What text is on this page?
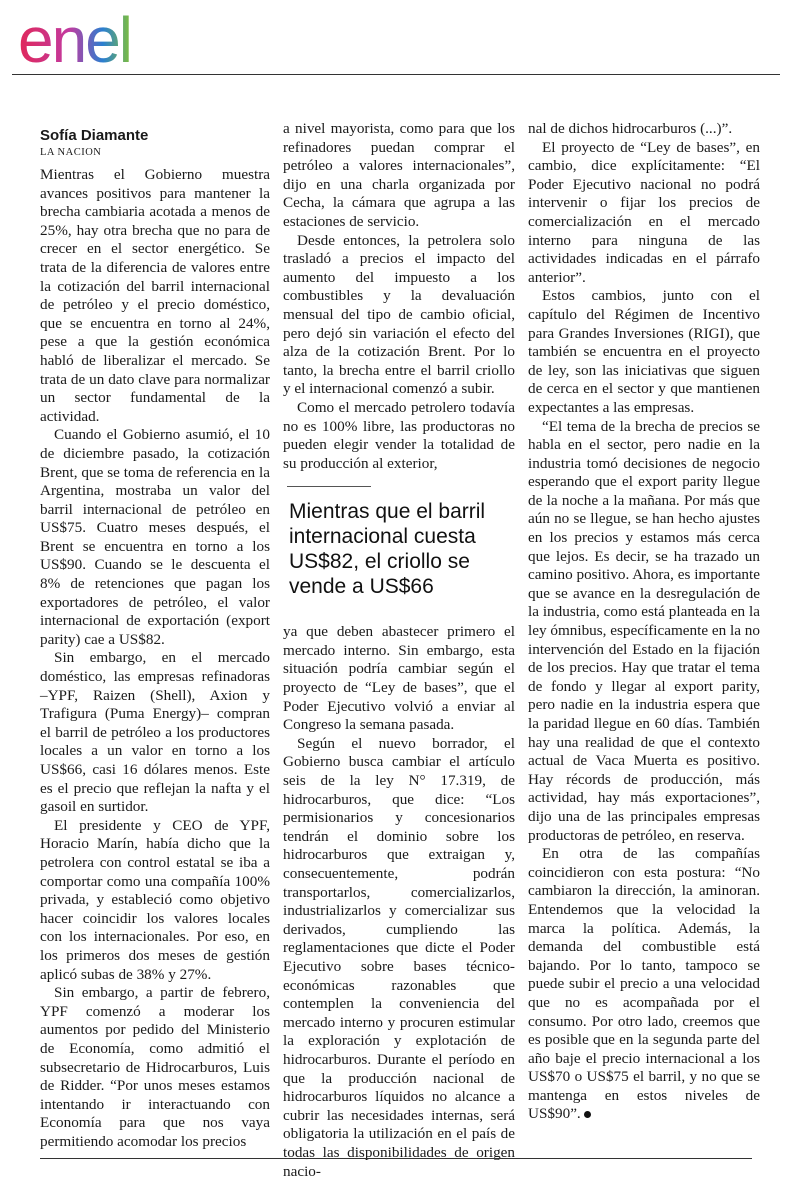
enel
Sofía Diamante
LA NACION

Mientras el Gobierno muestra avances positivos para mantener la brecha cambiaria acotada a menos de 25%, hay otra brecha que no para de crecer en el sector energético. Se trata de la diferencia de valores entre la cotización del barril internacional de petróleo y el precio doméstico, que se encuentra en torno al 24%, pese a que la gestión económica habló de liberalizar el mercado. Se trata de un dato clave para normalizar un sector fundamental de la actividad.

Cuando el Gobierno asumió, el 10 de diciembre pasado, la cotización Brent, que se toma de referencia en la Argentina, mostraba un valor del barril internacional de petróleo en US$75. Cuatro meses después, el Brent se encuentra en torno a los US$90. Cuando se le descuenta el 8% de retenciones que pagan los exportadores de petróleo, el valor internacional de exportación (export parity) cae a US$82.

Sin embargo, en el mercado doméstico, las empresas refinadoras –YPF, Raizen (Shell), Axion y Trafigura (Puma Energy)– compran el barril de petróleo a los productores locales a un valor en torno a los US$66, casi 16 dólares menos. Este es el precio que reflejan la nafta y el gasoil en surtidor.

El presidente y CEO de YPF, Horacio Marín, había dicho que la petrolera con control estatal se iba a comportar como una compañía 100% privada, y estableció como objetivo hacer coincidir los valores locales con los internacionales. Por eso, en los primeros dos meses de gestión aplicó subas de 38% y 27%.

Sin embargo, a partir de febrero, YPF comenzó a moderar los aumentos por pedido del Ministerio de Economía, como admitió el subsecretario de Hidrocarburos, Luis de Ridder. “Por unos meses estamos intentando ir interactuando con Economía para que nos vaya permitiendo acomodar los precios

a nivel mayorista, como para que los refinadores puedan comprar el petróleo a valores internacionales”, dijo en una charla organizada por Cecha, la cámara que agrupa a las estaciones de servicio.

Desde entonces, la petrolera solo trasladó a precios el impacto del aumento del impuesto a los combustibles y la devaluación mensual del tipo de cambio oficial, pero dejó sin variación el efecto del alza de la cotización Brent. Por lo tanto, la brecha entre el barril criollo y el internacional comenzó a subir.

Como el mercado petrolero todavía no es 100% libre, las productoras no pueden elegir vender la totalidad de su producción al exterior,

Mientras que el barril internacional cuesta US$82, el criollo se vende a US$66

ya que deben abastecer primero el mercado interno. Sin embargo, esta situación podría cambiar según el proyecto de “Ley de bases”, que el Poder Ejecutivo volvió a enviar al Congreso la semana pasada.

Según el nuevo borrador, el Gobierno busca cambiar el artículo seis de la ley N° 17.319, de hidrocarburos, que dice: “Los permisionarios y concesionarios tendrán el dominio sobre los hidrocarburos que extraigan y, consecuentemente, podrán transportarlos, comercializarlos, industrializarlos y comercializar sus derivados, cumpliendo las reglamentaciones que dicte el Poder Ejecutivo sobre bases técnico-económicas razonables que contemplen la conveniencia del mercado interno y procuren estimular la exploración y explotación de hidrocarburos. Durante el período en que la producción nacional de hidrocarburos líquidos no alcance a cubrir las necesidades internas, será obligatoria la utilización en el país de todas las disponibilidades de origen nacio-

nal de dichos hidrocarburos (...)”.

El proyecto de “Ley de bases”, en cambio, dice explícitamente: “El Poder Ejecutivo nacional no podrá intervenir o fijar los precios de comercialización en el mercado interno para ninguna de las actividades indicadas en el párrafo anterior”.

Estos cambios, junto con el capítulo del Régimen de Incentivo para Grandes Inversiones (RIGI), que también se encuentra en el proyecto de ley, son las iniciativas que siguen de cerca en el sector y que mantienen expectantes a las empresas.

“El tema de la brecha de precios se habla en el sector, pero nadie en la industria tomó decisiones de negocio esperando que el export parity llegue de la noche a la mañana. Por más que aún no se llegue, se han hecho ajustes en los precios y estamos más cerca que lejos. Es decir, se ha trazado un camino positivo. Ahora, es importante que se avance en la desregulación de la industria, como está planteada en la ley ómnibus, específicamente en la no intervención del Estado en la fijación de los precios. Hay que tratar el tema de fondo y llegar al export parity, pero nadie en la industria espera que la paridad llegue en 60 días. También hay una realidad de que el contexto actual de Vaca Muerta es positivo. Hay récords de producción, más actividad, hay más exportaciones”, dijo una de las principales empresas productoras de petróleo, en reserva.

En otra de las compañías coincidieron con esta postura: “No cambiaron la dirección, la aminoran. Entendemos que la velocidad la marca la política. Además, la demanda del combustible está bajando. Por lo tanto, tampoco se puede subir el precio a una velocidad que no es acompañada por el consumo. Por otro lado, creemos que es posible que en la segunda parte del año baje el precio internacional a los US$70 o US$75 el barril, y no que se mantenga en estos niveles de US$90”.
